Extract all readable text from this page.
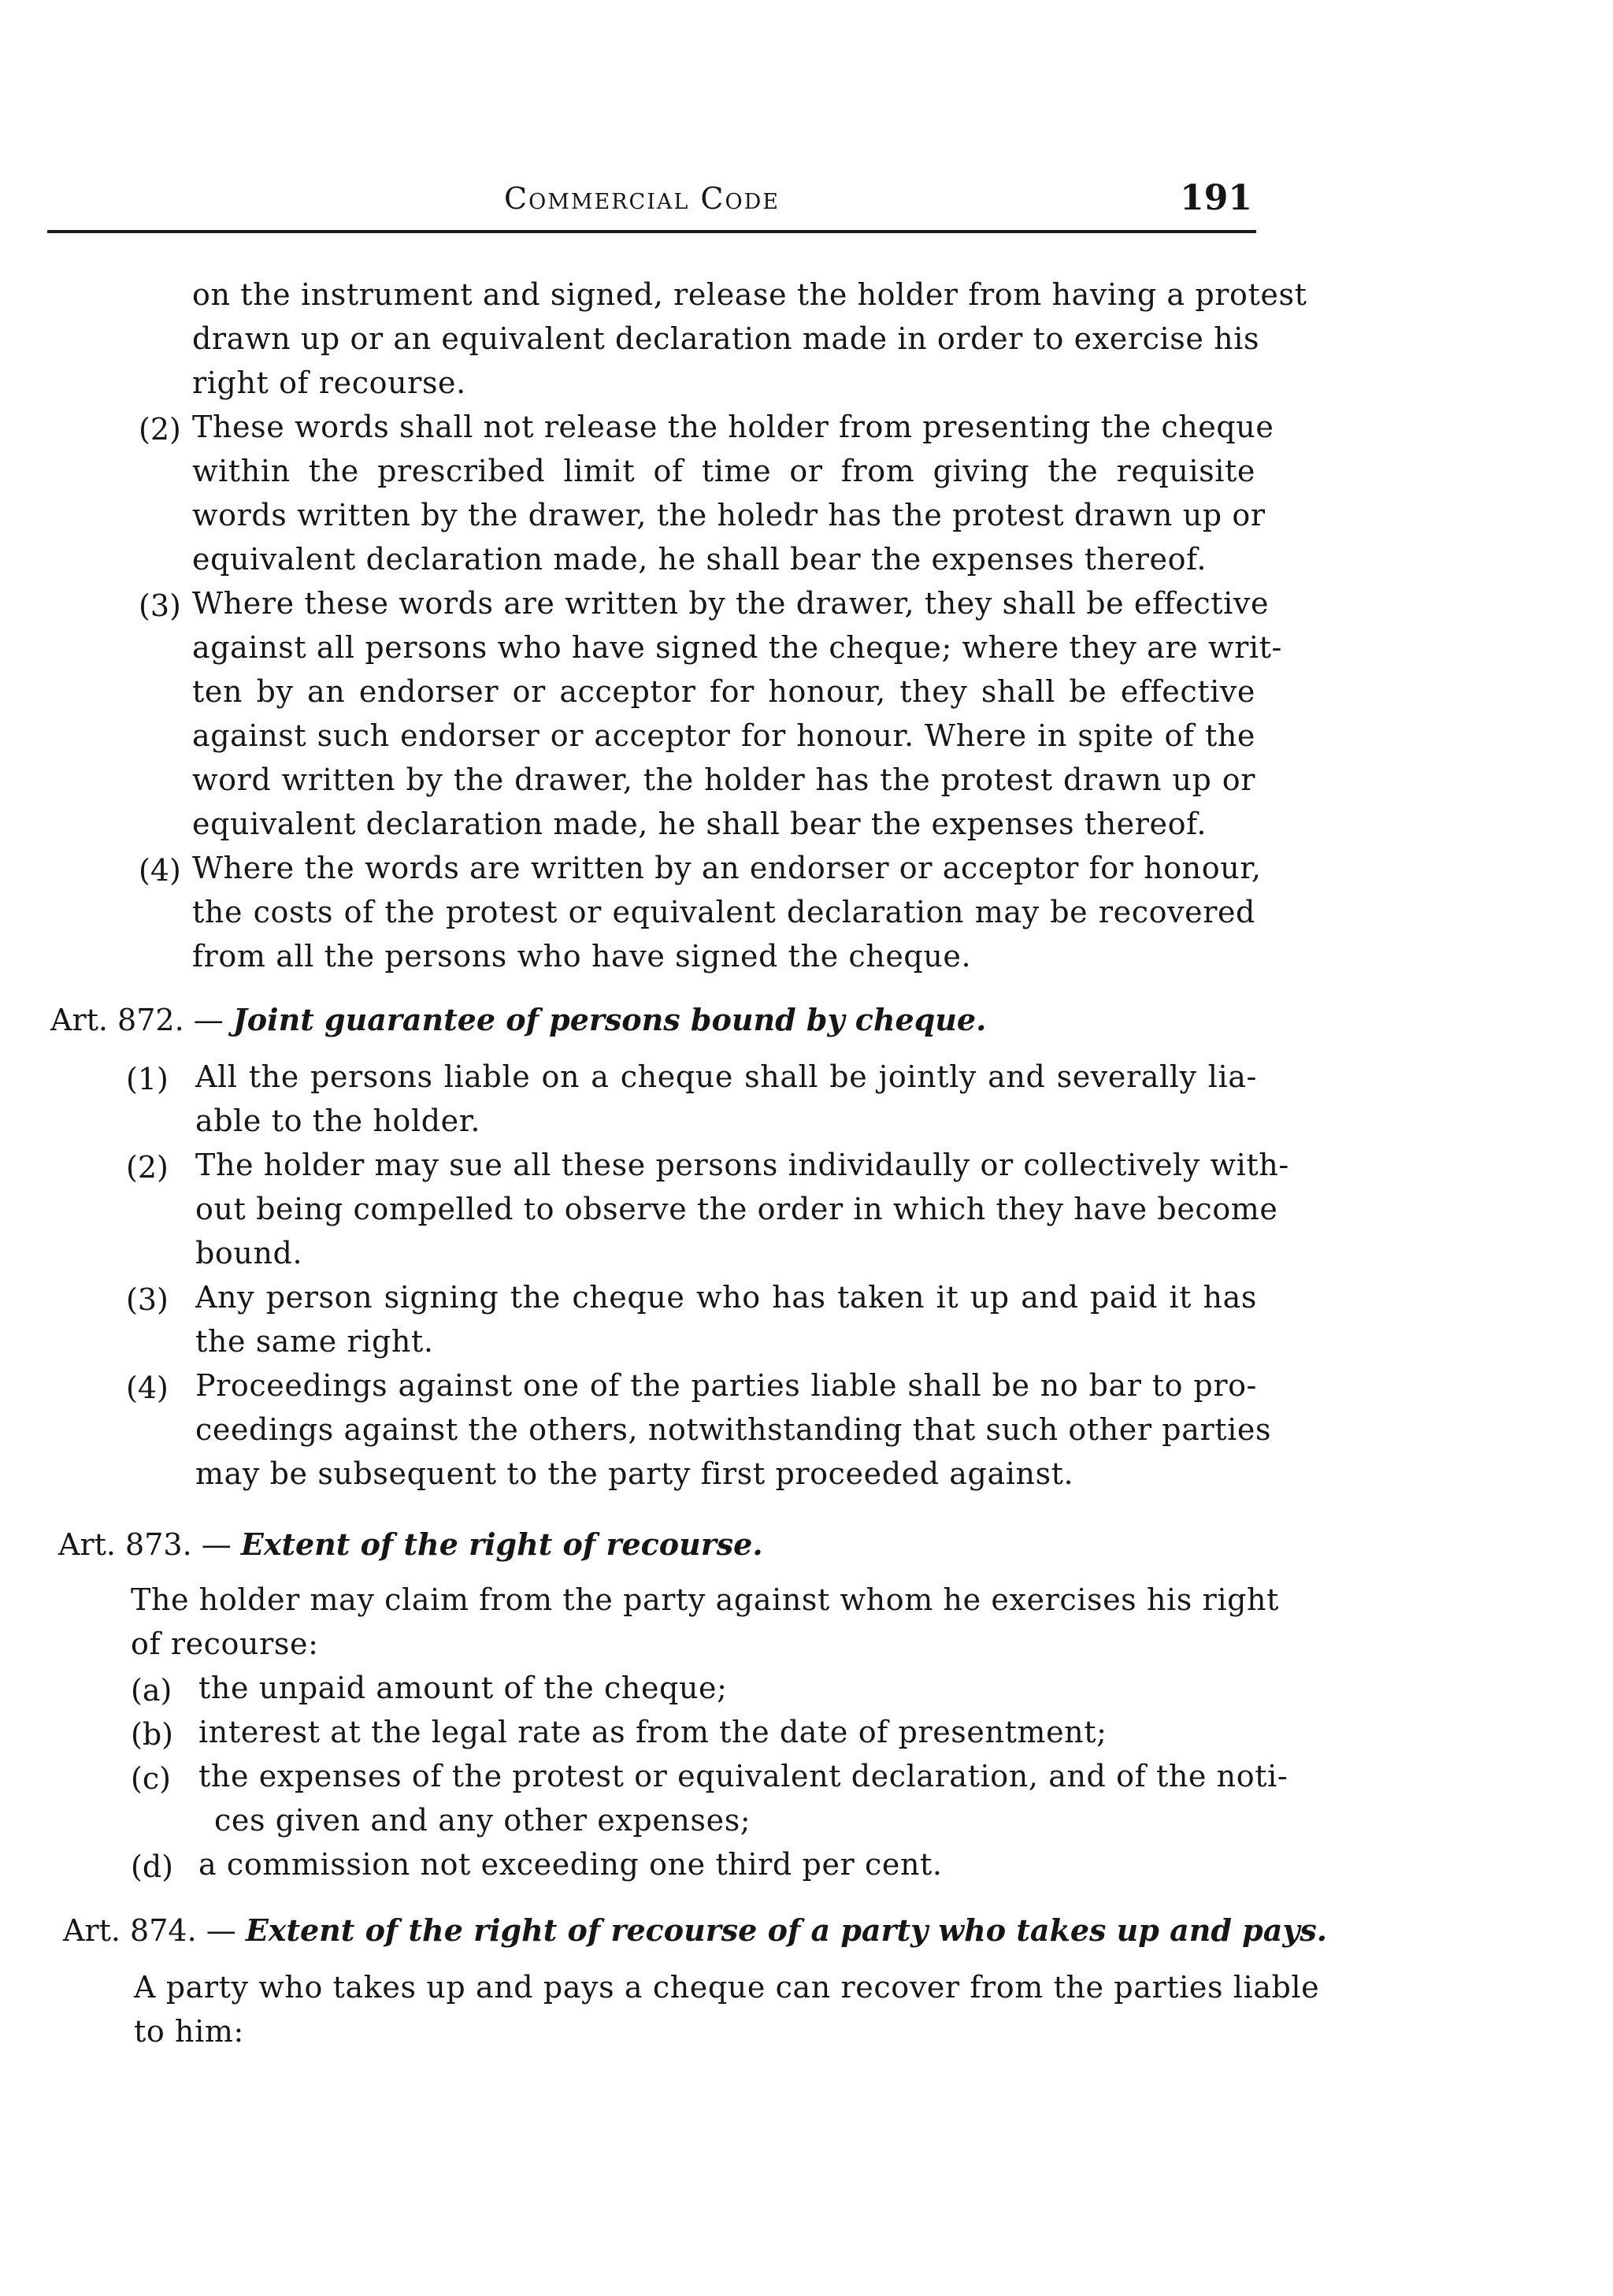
Commercial Code	191
on the instrument and signed, release the holder from having a protest
drawn up or an equivalent declaration made in order to exercise his
right of recourse.
(2) These words shall not release the holder from presenting the cheque
within the prescribed limit of time or from giving the requisite
words written by the drawer, the holedr has the protest drawn up or
equivalent declaration made, he shall bear the expenses thereof.
(3) Where these words are written by the drawer, they shall be effective
against all persons who have signed the cheque; where they are writ-
ten by an endorser or acceptor for honour, they shall be effective
against such endorser or acceptor for honour. Where in spite of the
word written by the drawer, the holder has the protest drawn up or
equivalent declaration made, he shall bear the expenses thereof.
(4) Where the words are written by an endorser or acceptor for honour,
the costs of the protest or equivalent declaration may be recovered
from all the persons who have signed the cheque.
Art. 872. — Joint guarantee of persons bound by cheque.
(1) All the persons liable on a cheque shall be jointly and severally lia-
able to the holder.
(2) The holder may sue all these persons individaully or collectively with-
out being compelled to observe the order in which they have become
bound.
(3) Any person signing the cheque who has taken it up and paid it has
the same right.
(4) Proceedings against one of the parties liable shall be no bar to pro-
ceedings against the others, notwithstanding that such other parties
may be subsequent to the party first proceeded against.
Art. 873. — Extent of the right of recourse.
The holder may claim from the party against whom he exercises his right
of recourse:
(a) the unpaid amount of the cheque;
(b) interest at the legal rate as from the date of presentment;
(c) the expenses of the protest or equivalent declaration, and of the noti-
ces given and any other expenses;
(d) a commission not exceeding one third per cent.
Art. 874. — Extent of the right of recourse of a party who takes up and pays.
A party who takes up and pays a cheque can recover from the parties liable
to him:
